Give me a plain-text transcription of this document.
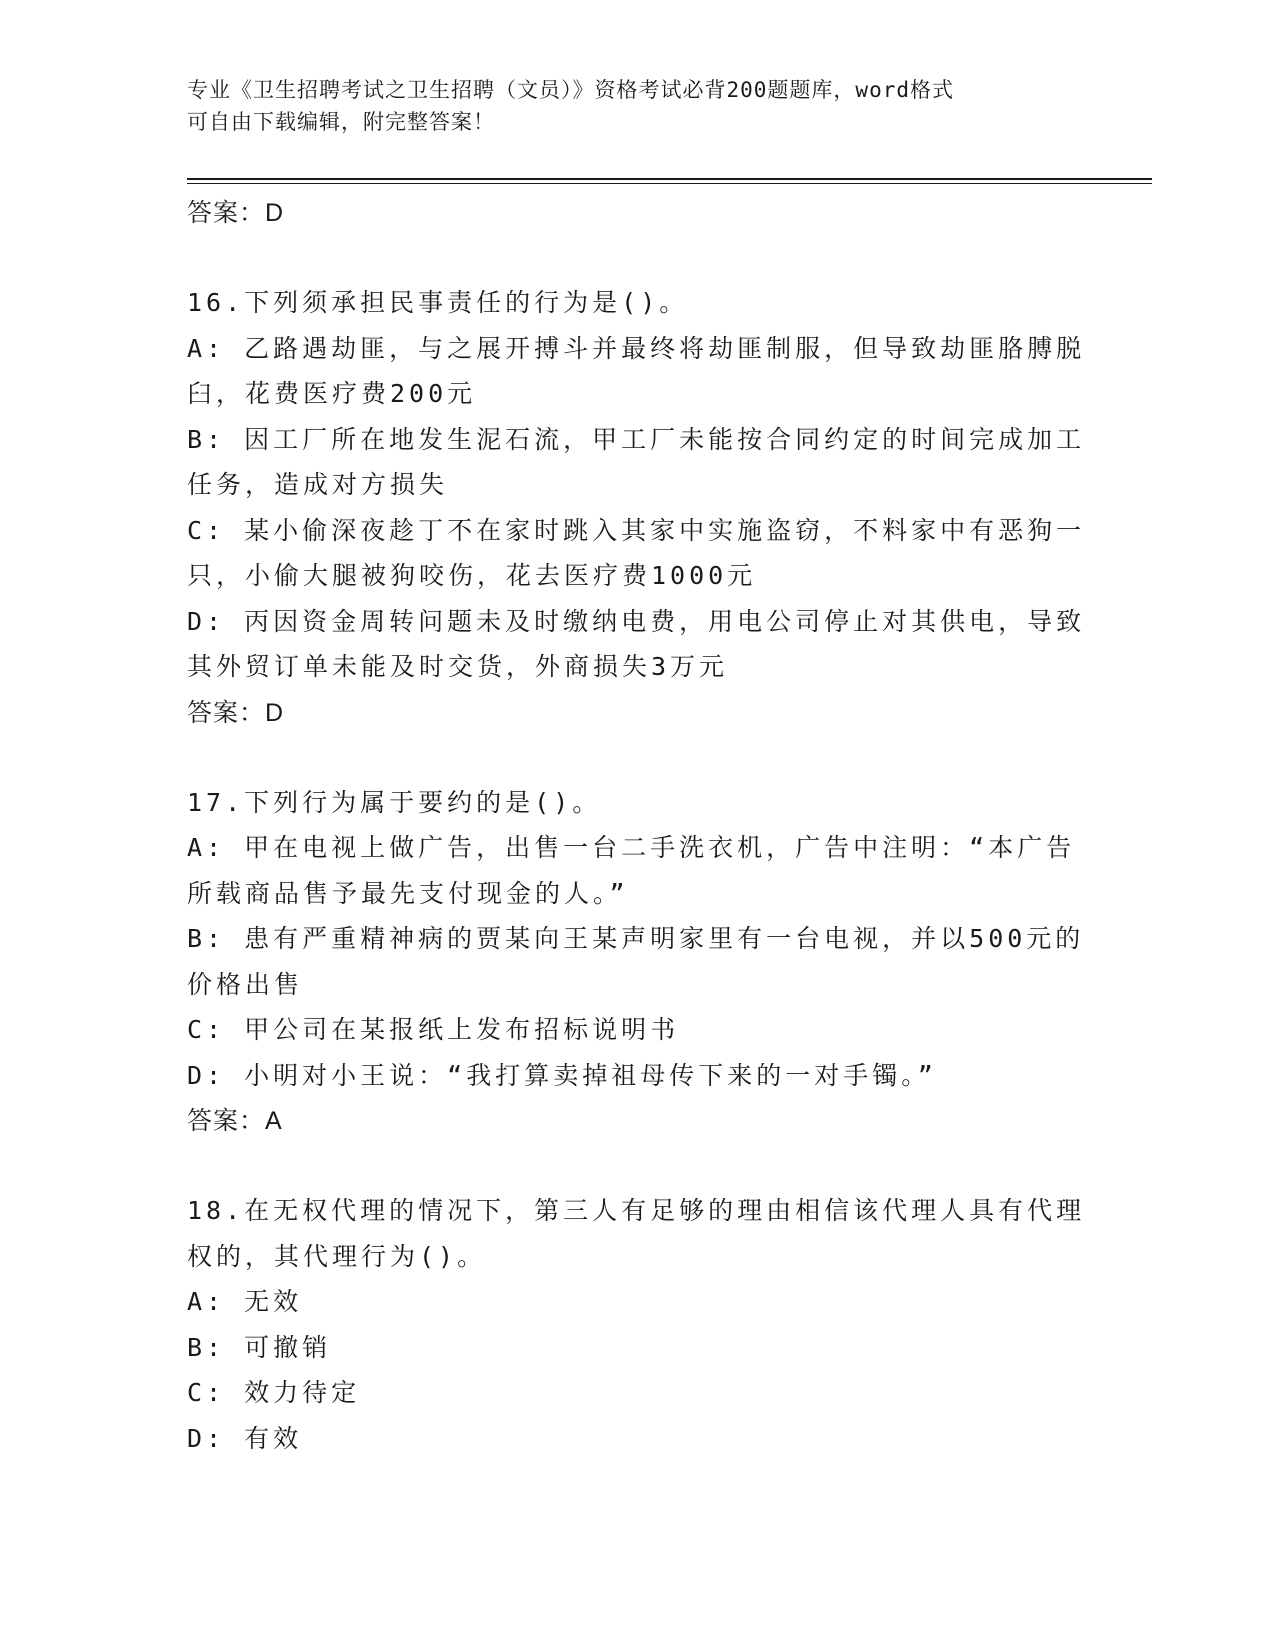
专业《卫生招聘考试之卫生招聘（文员）》资格考试必背200题题库，word格式
可自由下载编辑，附完整答案！
答案：D
16.下列须承担民事责任的行为是()。
A: 乙路遇劫匪，与之展开搏斗并最终将劫匪制服，但导致劫匪胳膊脱
臼，花费医疗费200元
B: 因工厂所在地发生泥石流，甲工厂未能按合同约定的时间完成加工
任务，造成对方损失
C: 某小偷深夜趁丁不在家时跳入其家中实施盗窃，不料家中有恶狗一
只，小偷大腿被狗咬伤，花去医疗费1000元
D: 丙因资金周转问题未及时缴纳电费，用电公司停止对其供电，导致
其外贸订单未能及时交货，外商损失3万元
答案：D
17.下列行为属于要约的是()。
A: 甲在电视上做广告，出售一台二手洗衣机，广告中注明：“本广告
所载商品售予最先支付现金的人。”
B: 患有严重精神病的贾某向王某声明家里有一台电视，并以500元的
价格出售
C: 甲公司在某报纸上发布招标说明书
D: 小明对小王说：“我打算卖掉祖母传下来的一对手镯。”
答案：A
18.在无权代理的情况下，第三人有足够的理由相信该代理人具有代理
权的，其代理行为()。
A: 无效
B: 可撤销
C: 效力待定
D: 有效
